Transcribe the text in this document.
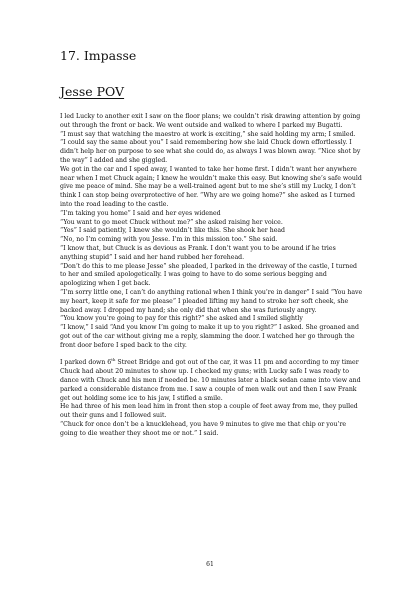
17. Impasse
Jesse POV

I led Lucky to another exit I saw on the floor plans; we couldn’t risk drawing attention by going out through the front or back. We went outside and walked to where I parked my Bugatti.

“I must say that watching the maestro at work is exciting,” she said holding my arm; I smiled.

“I could say the same about you” I said remembering how she laid Chuck down effortlessly. I didn’t help her on purpose to see what she could do, as always I was blown away. “Nice shot by the way” I added and she giggled.

We got in the car and I sped away, I wanted to take her home first. I didn’t want her anywhere near when I met Chuck again; I knew he wouldn’t make this easy. But knowing she’s safe would give me peace of mind. She may be a well-trained agent but to me she’s still my Lucky, I don’t think I can stop being overprotective of her. “Why are we going home?” she asked as I turned into the road leading to the castle.

“I’m taking you home” I said and her eyes widened

“You want to go meet Chuck without me?” she asked raising her voice.

“Yes” I said patiently, I knew she wouldn’t like this. She shook her head

“No, no I’m coming with you Jesse. I’m in this mission too.” She said.

“I know that, but Chuck is as devious as Frank. I don’t want you to be around if he tries anything stupid” I said and her hand rubbed her forehead.

“Don’t do this to me please Jesse” she pleaded, I parked in the driveway of the castle, I turned to her and smiled apologetically. I was going to have to do some serious begging and apologizing when I get back.

“I’m sorry little one, I can’t do anything rational when I think you’re in danger” I said “You have my heart, keep it safe for me please” I pleaded lifting my hand to stroke her soft cheek, she backed away. I dropped my hand; she only did that when she was furiously angry.

“You know you’re going to pay for this right?” she asked and I smiled slightly

“I know,” I said “And you know I’m going to make it up to you right?” I asked. She groaned and got out of the car without giving me a reply, slamming the door. I watched her go through the front door before I sped back to the city.

I parked down 6th Street Bridge and got out of the car, it was 11 pm and according to my timer Chuck had about 20 minutes to show up. I checked my guns; with Lucky safe I was ready to dance with Chuck and his men if needed be. 10 minutes later a black sedan came into view and parked a considerable distance from me. I saw a couple of men walk out and then I saw Frank get out holding some ice to his jaw, I stifled a smile.

He had three of his men lead him in front then stop a couple of feet away from me, they pulled out their guns and I followed suit.

“Chuck for once don’t be a knucklehead, you have 9 minutes to give me that chip or you’re going to die weather they shoot me or not.” I said.

61
